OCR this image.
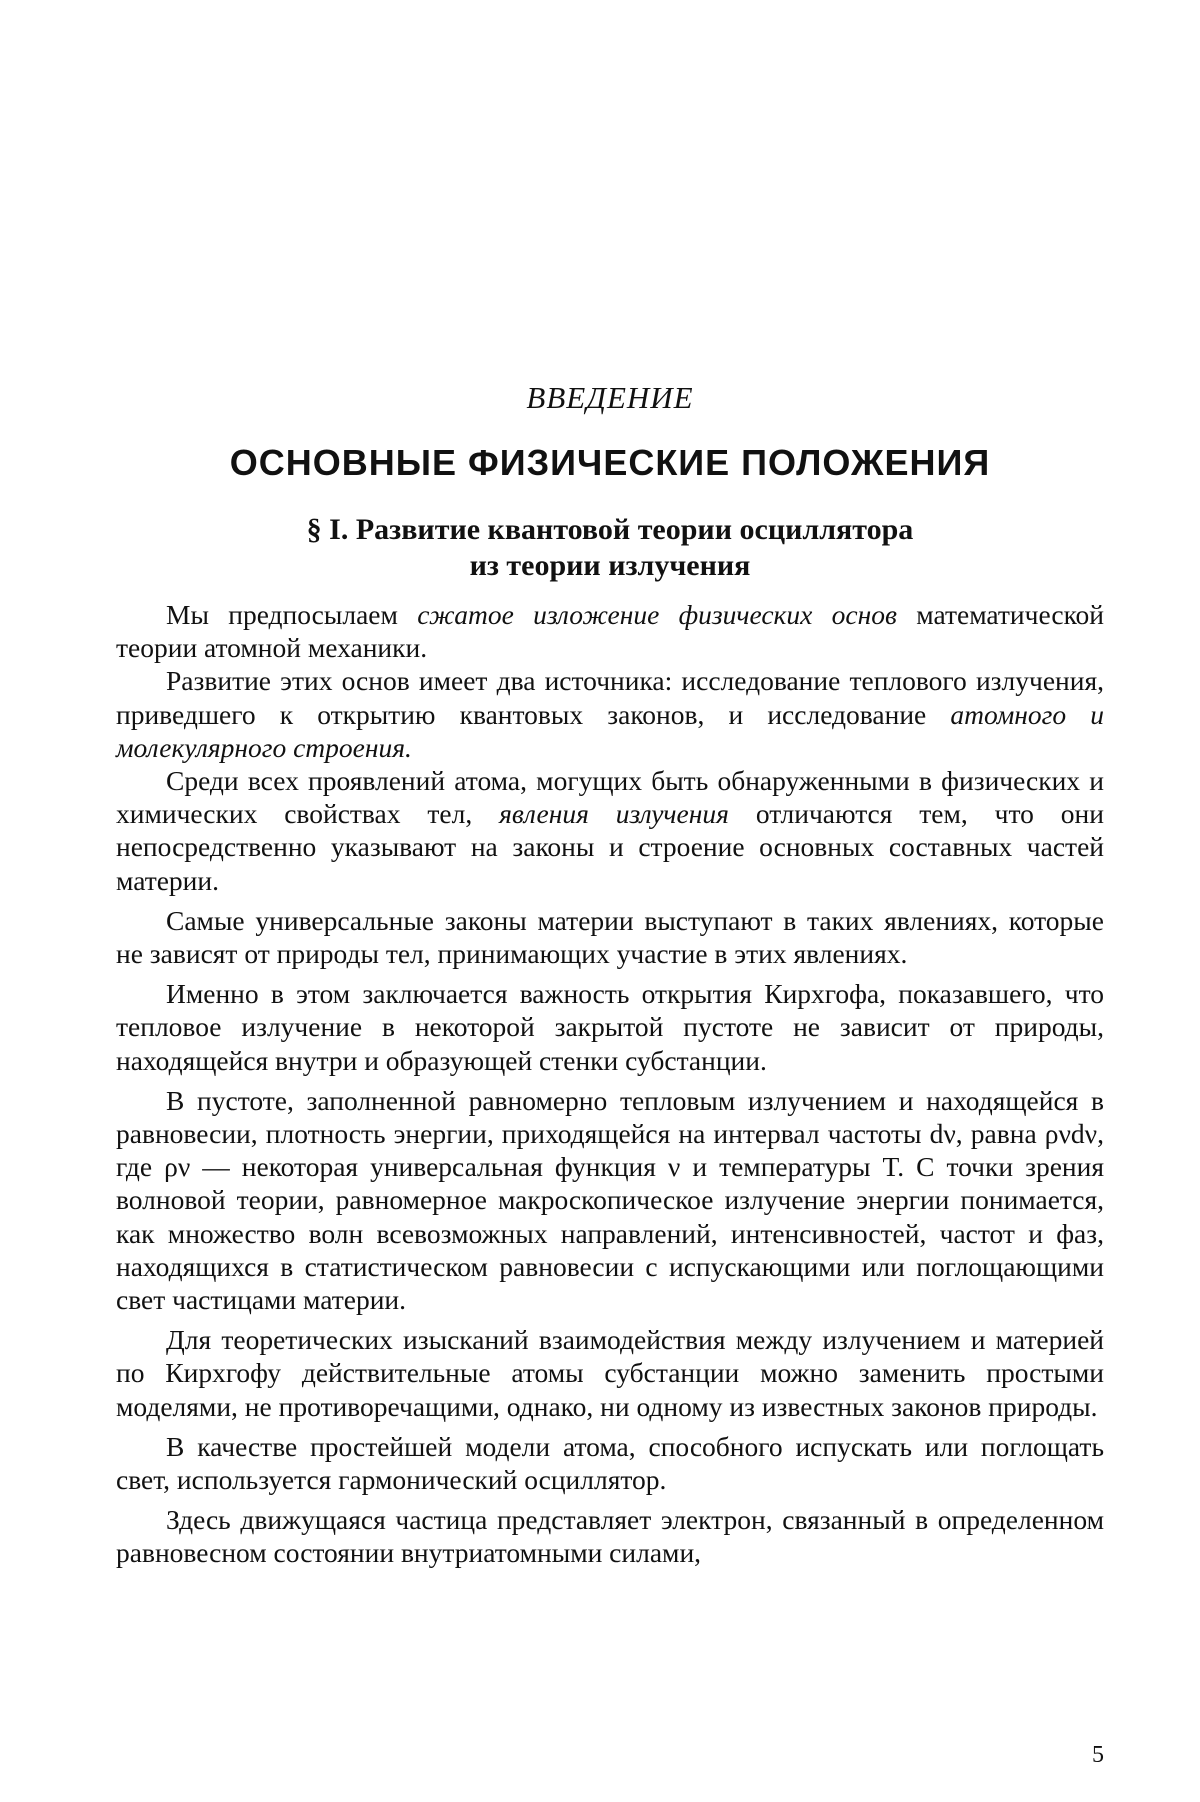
ВВЕДЕНИЕ

ОСНОВНЫЕ ФИЗИЧЕСКИЕ ПОЛОЖЕНИЯ
§ I. Развитие квантовой теории осциллятора
из теории излучения

Мы предпосылаем сжатое изложение физических основ математической теории атомной механики.

Развитие этих основ имеет два источника: исследование теплового излучения, приведшего к открытию квантовых законов, и исследование атомного и молекулярного строения.

Среди всех проявлений атома, могущих быть обнаруженными в физических и химических свойствах тел, явления излучения отличаются тем, что они непосредственно указывают на законы и строение основных составных частей материи.

Самые универсальные законы материи выступают в таких явлениях, которые не зависят от природы тел, принимающих участие в этих явлениях.

Именно в этом заключается важность открытия Кирхгофа, показавшего, что тепловое излучение в некоторой закрытой пустоте не зависит от природы, находящейся внутри и образующей стенки субстанции.

В пустоте, заполненной равномерно тепловым излучением и находящейся в равновесии, плотность энергии, приходящейся на интервал частоты dν, равна ρνdν, где ρν — некоторая универсальная функция ν и температуры T. С точки зрения волновой теории, равномерное макроскопическое излучение энергии понимается, как множество волн всевозможных направлений, интенсивностей, частот и фаз, находящихся в статистическом равновесии с испускающими или поглощающими свет частицами материи.

Для теоретических изысканий взаимодействия между излучением и материей по Кирхгофу действительные атомы субстанции можно заменить простыми моделями, не противоречащими, однако, ни одному из известных законов природы.

В качестве простейшей модели атома, способного испускать или поглощать свет, используется гармонический осциллятор.

Здесь движущаяся частица представляет электрон, связанный в определенном равновесном состоянии внутриатомными силами,

5
